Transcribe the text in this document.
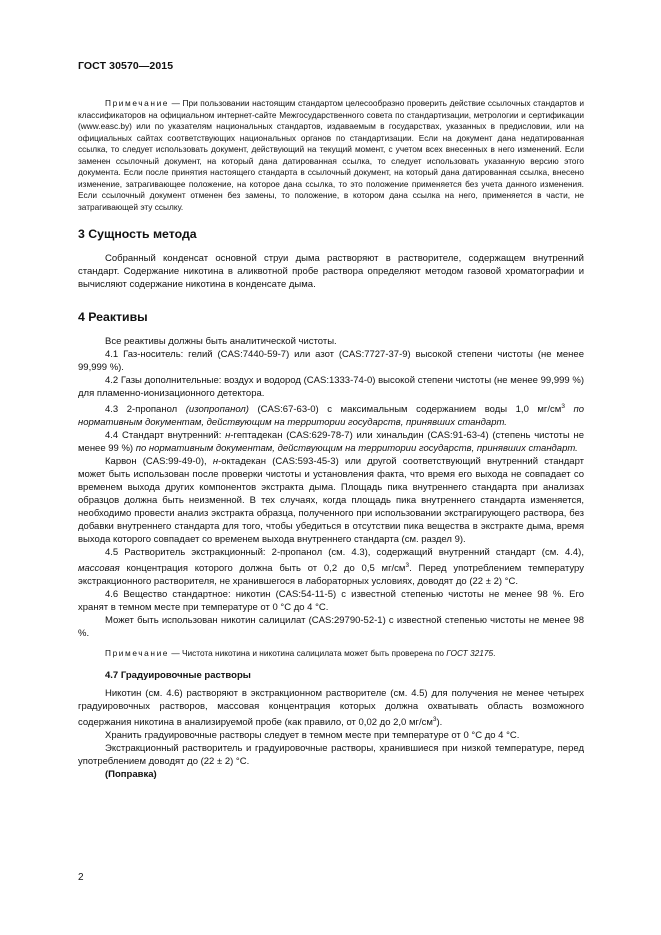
ГОСТ 30570—2015

Примечание — При пользовании настоящим стандартом целесообразно проверить действие ссылочных стандартов и классификаторов на официальном интернет-сайте Межгосударственного совета по стандартизации, метрологии и сертификации (www.easc.by) или по указателям национальных стандартов, издаваемым в государствах, указанных в предисловии, или на официальных сайтах соответствующих национальных органов по стандартизации. Если на документ дана недатированная ссылка, то следует использовать документ, действующий на текущий момент, с учетом всех внесенных в него изменений. Если заменен ссылочный документ, на который дана датированная ссылка, то следует использовать указанную версию этого документа. Если после принятия настоящего стандарта в ссылочный документ, на который дана датированная ссылка, внесено изменение, затрагивающее положение, на которое дана ссылка, то это положение применяется без учета данного изменения. Если ссылочный документ отменен без замены, то положение, в котором дана ссылка на него, применяется в части, не затрагивающей эту ссылку.

3 Сущность метода

Собранный конденсат основной струи дыма растворяют в растворителе, содержащем внутренний стандарт. Содержание никотина в аликвотной пробе раствора определяют методом газовой хроматографии и вычисляют содержание никотина в конденсате дыма.

4 Реактивы

Все реактивы должны быть аналитической чистоты.

4.1 Газ-носитель: гелий (CAS:7440-59-7) или азот (CAS:7727-37-9) высокой степени чистоты (не менее 99,999 %).

4.2 Газы дополнительные: воздух и водород (CAS:1333-74-0) высокой степени чистоты (не менее 99,999 %) для пламенно-ионизационного детектора.

4.3 2-пропанол (изопропанол) (CAS:67-63-0) с максимальным содержанием воды 1,0 $мг/см^3$ по нормативным документам, действующим на территории государств, принявших стандарт.

4.4 Стандарт внутренний: н-гептадекан (CAS:629-78-7) или хинальдин (CAS:91-63-4) (степень чистоты не менее 99 %) по нормативным документам, действующим на территории государств, принявших стандарт.

Карвон (CAS:99-49-0), н-октадекан (CAS:593-45-3) или другой соответствующий внутренний стандарт может быть использован после проверки чистоты и установления факта, что время его выхода не совпадает со временем выхода других компонентов экстракта дыма. Площадь пика внутреннего стандарта при анализах образцов должна быть неизменной. В тех случаях, когда площадь пика внутреннего стандарта изменяется, необходимо провести анализ экстракта образца, полученного при использовании экстрагирующего раствора, без добавки внутреннего стандарта для того, чтобы убедиться в отсутствии пика вещества в экстракте дыма, время выхода которого совпадает со временем выхода внутреннего стандарта (см. раздел 9).

4.5 Растворитель экстракционный: 2-пропанол (см. 4.3), содержащий внутренний стандарт (см. 4.4), массовая концентрация которого должна быть от 0,2 до 0,5 $мг/см^3$. Перед употреблением температуру экстракционного растворителя, не хранившегося в лабораторных условиях, доводят до (22 ± 2) °С.

4.6 Вещество стандартное: никотин (CAS:54-11-5) с известной степенью чистоты не менее 98 %. Его хранят в темном месте при температуре от 0 °С до 4 °С.

Может быть использован никотин салицилат (CAS:29790-52-1) с известной степенью чистоты не менее 98 %.

Примечание — Чистота никотина и никотина салицилата может быть проверена по ГОСТ 32175.

4.7 Градуировочные растворы

Никотин (см. 4.6) растворяют в экстракционном растворителе (см. 4.5) для получения не менее четырех градуировочных растворов, массовая концентрация которых должна охватывать область возможного содержания никотина в анализируемой пробе (как правило, от 0,02 до 2,0 $мг/см^3$).

Хранить градуировочные растворы следует в темном месте при температуре от 0 °С до 4 °С.

Экстракционный растворитель и градуировочные растворы, хранившиеся при низкой температуре, перед употреблением доводят до (22 ± 2) °С.

(Поправка)

2
